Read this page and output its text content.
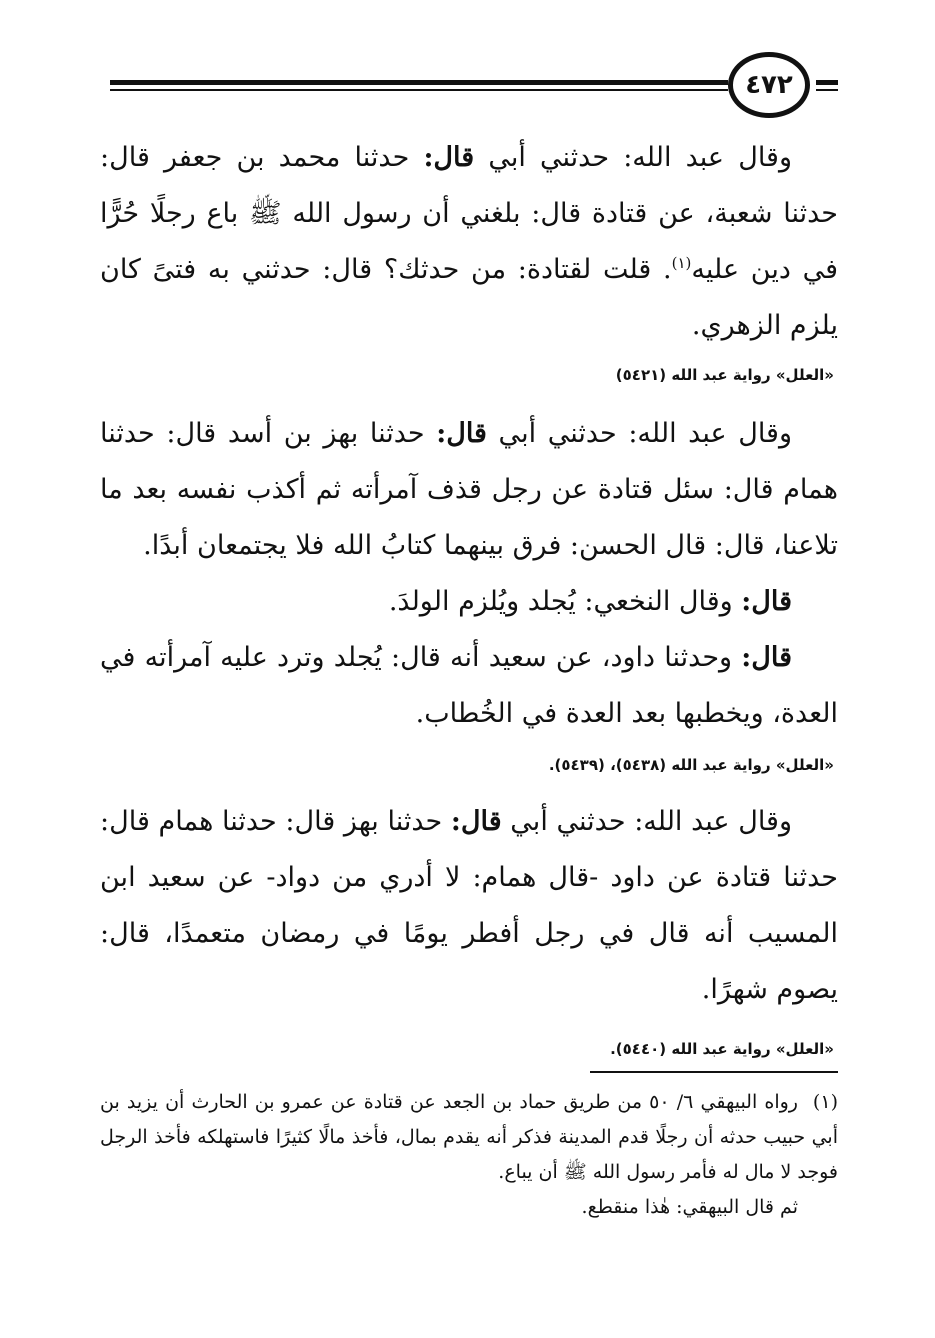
٤٧٢

وقال عبد الله: حدثني أبي قال: حدثنا محمد بن جعفر قال: حدثنا شعبة، عن قتادة قال: بلغني أن رسول الله ﷺ باع رجلًا حُرًّا في دين عليه$^{(١)}$. قلت لقتادة: من حدثك؟ قال: حدثني به فتىً كان يلزم الزهري.

«العلل» رواية عبد الله (٥٤٢١)

وقال عبد الله: حدثني أبي قال: حدثنا بهز بن أسد قال: حدثنا همام قال: سئل قتادة عن رجل قذف آمرأته ثم أكذب نفسه بعد ما تلاعنا، قال: قال الحسن: فرق بينهما كتابُ الله فلا يجتمعان أبدًا.

قال: وقال النخعي: يُجلد ويُلزم الولدَ.

قال: وحدثنا داود، عن سعيد أنه قال: يُجلد وترد عليه آمرأته في العدة، ويخطبها بعد العدة في الخُطاب.

«العلل» رواية عبد الله (٥٤٣٨)، (٥٤٣٩).

وقال عبد الله: حدثني أبي قال: حدثنا بهز قال: حدثنا همام قال: حدثنا قتادة عن داود -قال همام: لا أدري من دواد- عن سعيد ابن المسيب أنه قال في رجل أفطر يومًا في رمضان متعمدًا، قال: يصوم شهرًا.

«العلل» رواية عبد الله (٥٤٤٠).

(١)رواه البيهقي ٦/ ٥٠ من طريق حماد بن الجعد عن قتادة عن عمرو بن الحارث أن يزيد بن أبي حبيب حدثه أن رجلًا قدم المدينة فذكر أنه يقدم بمال، فأخذ مالًا كثيرًا فاستهلكه فأخذ الرجل فوجد لا مال له فأمر رسول الله ﷺ أن يباع.
ثم قال البيهقي: هٰذا منقطع.
